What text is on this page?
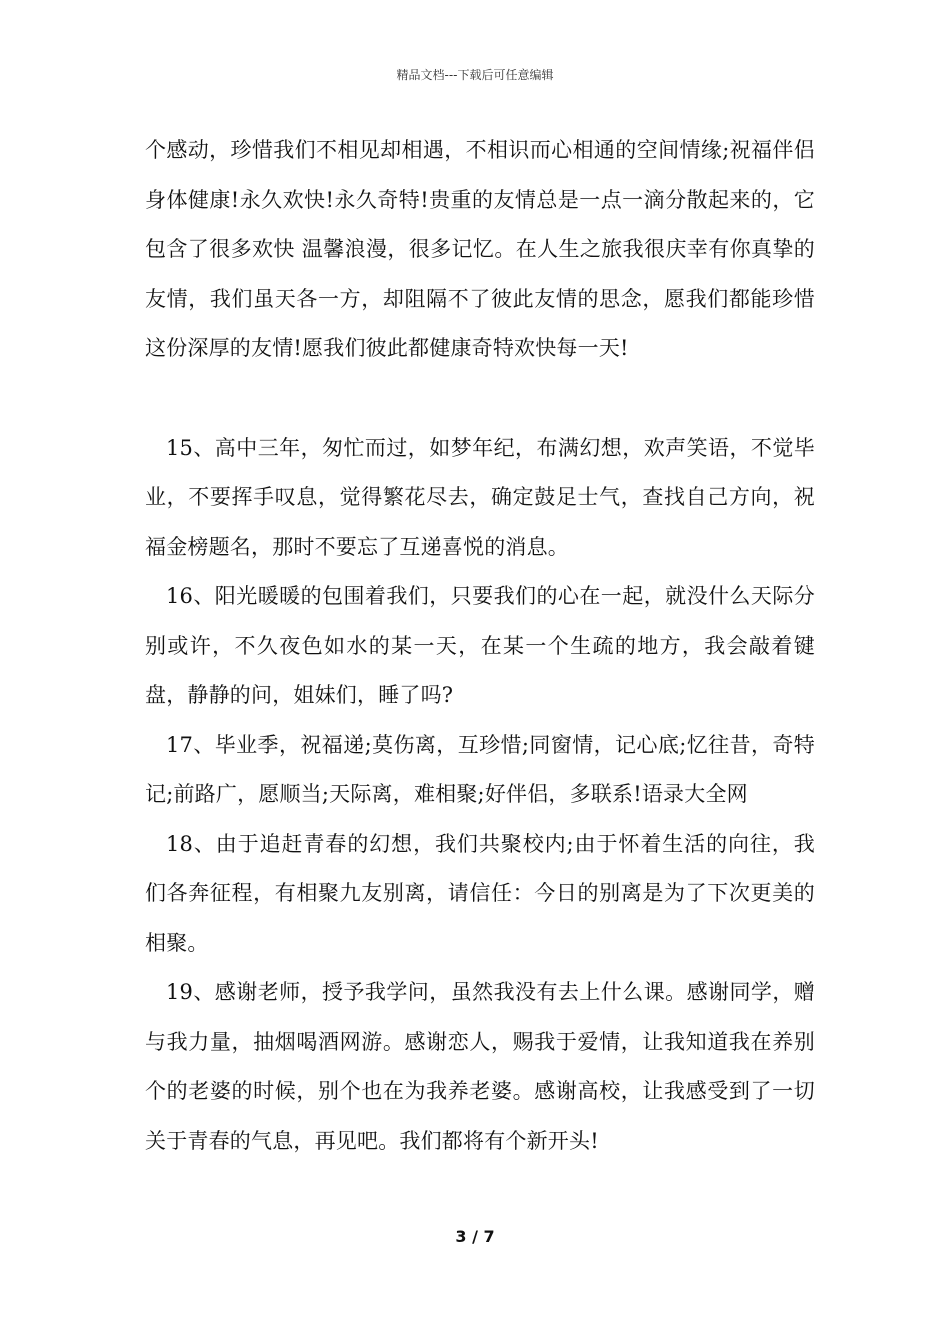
精品文档---下载后可任意编辑

个感动，珍惜我们不相见却相遇，不相识而心相通的空间情缘;祝福伴侣身体健康!永久欢快!永久奇特!贵重的友情总是一点一滴分散起来的，它包含了很多欢快 温馨浪漫，很多记忆。在人生之旅我很庆幸有你真挚的友情，我们虽天各一方，却阻隔不了彼此友情的思念，愿我们都能珍惜这份深厚的友情!愿我们彼此都健康奇特欢快每一天!

15、高中三年，匆忙而过，如梦年纪，布满幻想，欢声笑语，不觉毕业，不要挥手叹息，觉得繁花尽去，确定鼓足士气，查找自己方向，祝福金榜题名，那时不要忘了互递喜悦的消息。

16、阳光暖暖的包围着我们，只要我们的心在一起，就没什么天际分别或许，不久夜色如水的某一天，在某一个生疏的地方，我会敲着键盘，静静的问，姐妹们，睡了吗?

17、毕业季，祝福递;莫伤离，互珍惜;同窗情，记心底;忆往昔，奇特记;前路广，愿顺当;天际离，难相聚;好伴侣，多联系!语录大全网

18、由于追赶青春的幻想，我们共聚校内;由于怀着生活的向往，我们各奔征程，有相聚九友别离，请信任：今日的别离是为了下次更美的相聚。

19、感谢老师，授予我学问，虽然我没有去上什么课。感谢同学，赠与我力量，抽烟喝酒网游。感谢恋人，赐我于爱情，让我知道我在养别个的老婆的时候，别个也在为我养老婆。感谢高校，让我感受到了一切关于青春的气息，再见吧。我们都将有个新开头!

3 / 7
